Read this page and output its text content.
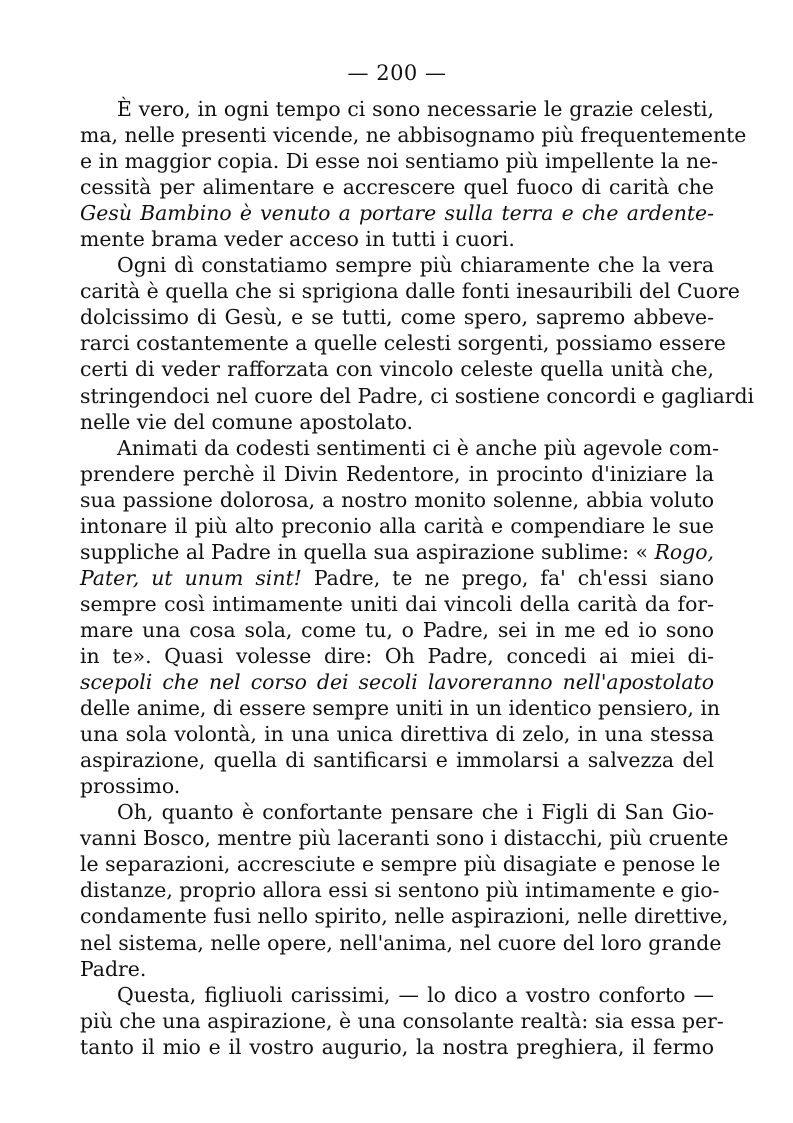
— 200 —
È vero, in ogni tempo ci sono necessarie le grazie celesti,
ma, nelle presenti vicende, ne abbisognamo più frequentemente
e in maggior copia. Di esse noi sentiamo più impellente la ne-
cessità per alimentare e accrescere quel fuoco di carità che
Gesù Bambino è venuto a portare sulla terra e che ardente-
mente brama veder acceso in tutti i cuori.
Ogni dì constatiamo sempre più chiaramente che la vera
carità è quella che si sprigiona dalle fonti inesauribili del Cuore
dolcissimo di Gesù, e se tutti, come spero, sapremo abbeve-
rarci costantemente a quelle celesti sorgenti, possiamo essere
certi di veder rafforzata con vincolo celeste quella unità che,
stringendoci nel cuore del Padre, ci sostiene concordi e gagliardi
nelle vie del comune apostolato.
Animati da codesti sentimenti ci è anche più agevole com-
prendere perchè il Divin Redentore, in procinto d'iniziare la
sua passione dolorosa, a nostro monito solenne, abbia voluto
intonare il più alto preconio alla carità e compendiare le sue
suppliche al Padre in quella sua aspirazione sublime: « Rogo,
Pater, ut unum sint! Padre, te ne prego, fa' ch'essi siano
sempre così intimamente uniti dai vincoli della carità da for-
mare una cosa sola, come tu, o Padre, sei in me ed io sono
in te». Quasi volesse dire: Oh Padre, concedi ai miei di-
scepoli che nel corso dei secoli lavoreranno nell'apostolato
delle anime, di essere sempre uniti in un identico pensiero, in
una sola volontà, in una unica direttiva di zelo, in una stessa
aspirazione, quella di santificarsi e immolarsi a salvezza del
prossimo.
Oh, quanto è confortante pensare che i Figli di San Gio-
vanni Bosco, mentre più laceranti sono i distacchi, più cruente
le separazioni, accresciute e sempre più disagiate e penose le
distanze, proprio allora essi si sentono più intimamente e gio-
condamente fusi nello spirito, nelle aspirazioni, nelle direttive,
nel sistema, nelle opere, nell'anima, nel cuore del loro grande
Padre.
Questa, figliuoli carissimi, — lo dico a vostro conforto —
più che una aspirazione, è una consolante realtà: sia essa per-
tanto il mio e il vostro augurio, la nostra preghiera, il fermo
